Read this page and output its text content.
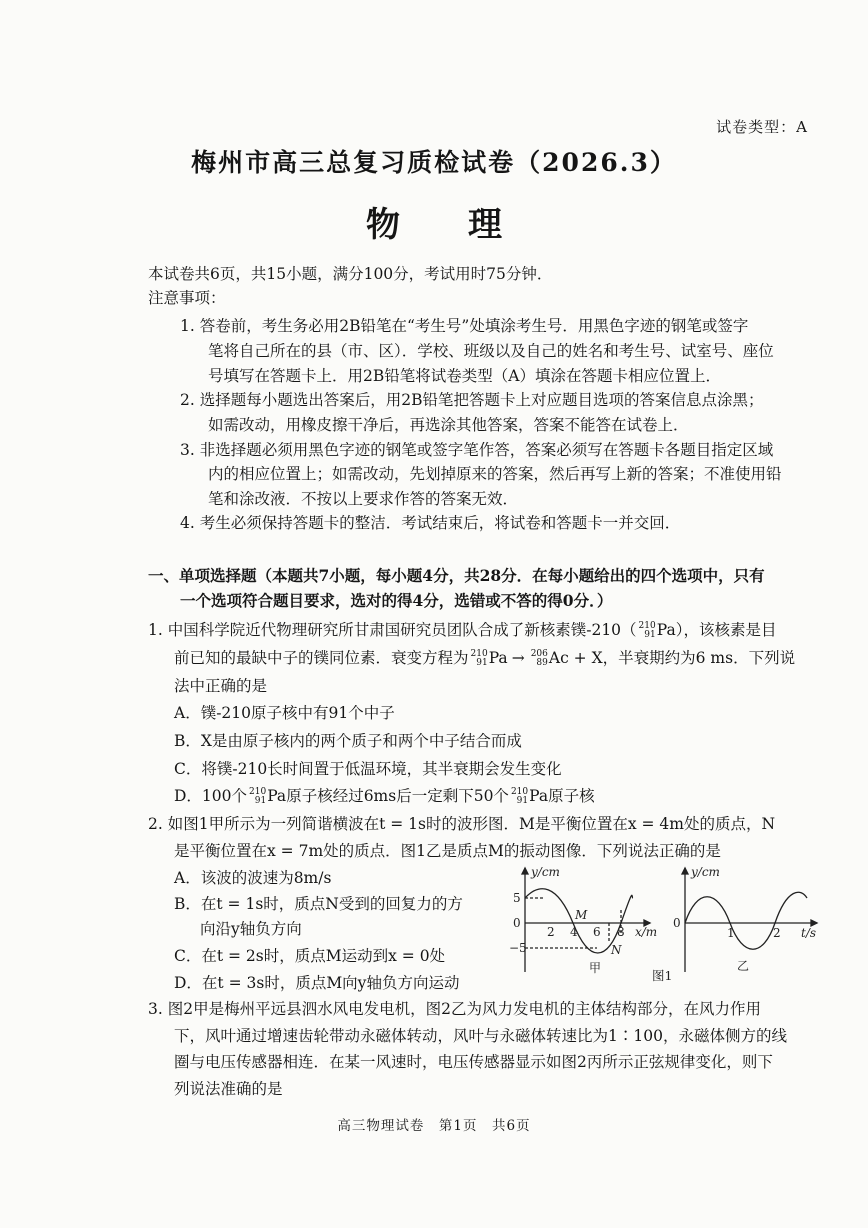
试卷类型：A
梅州市高三总复习质检试卷（2026.3）
物 理
本试卷共6页，共15小题，满分100分，考试用时75分钟．
注意事项：
1. 答卷前，考生务必用2B铅笔在“考生号”处填涂考生号．用黑色字迹的钢笔或签字
笔将自己所在的县（市、区）．学校、班级以及自己的姓名和考生号、试室号、座位
号填写在答题卡上．用2B铅笔将试卷类型（A）填涂在答题卡相应位置上．
2. 选择题每小题选出答案后，用2B铅笔把答题卡上对应题目选项的答案信息点涂黑；
如需改动，用橡皮擦干净后，再选涂其他答案，答案不能答在试卷上．
3. 非选择题必须用黑色字迹的钢笔或签字笔作答，答案必须写在答题卡各题目指定区域
内的相应位置上；如需改动，先划掉原来的答案，然后再写上新的答案；不准使用铅
笔和涂改液．不按以上要求作答的答案无效．
4. 考生必须保持答题卡的整洁．考试结束后，将试卷和答题卡一并交回．
一、单项选择题（本题共7小题，每小题4分，共28分．在每小题给出的四个选项中，只有
一个选项符合题目要求，选对的得4分，选错或不答的得0分．）
1. 中国科学院近代物理研究所甘肃国研究员团队合成了新核素镤-210（ 210
91 Pa），该核素是目
前已知的最缺中子的镤同位素．衰变方程为 210
91 Pa → 206
89 Ac + X，半衰期约为6 ms．下列说
法中正确的是
A．镤-210原子核中有91个中子
B．X是由原子核内的两个质子和两个中子结合而成
C．将镤-210长时间置于低温环境，其半衰期会发生变化
D．100个 210
91 Pa原子核经过6ms后一定剩下50个 210
91 Pa原子核
2. 如图1甲所示为一列简谐横波在t = 1s时的波形图．M是平衡位置在x = 4m处的质点，N
是平衡位置在x = 7m处的质点．图1乙是质点M的振动图像．下列说法正确的是
A．该波的波速为8m/s
B．在t = 1s时，质点N受到的回复力的方
向沿y轴负方向
C．在t = 2s时，质点M运动到x = 0处
D．在t = 3s时，质点M向y轴负方向运动
y/cm
5
0
−5
2 4 6 8 x/m
M
N
甲
y/cm
0
1	2 t/s
乙
图1
3. 图2甲是梅州平远县泗水风电发电机，图2乙为风力发电机的主体结构部分，在风力作用
下，风叶通过增速齿轮带动永磁体转动，风叶与永磁体转速比为1∶100，永磁体侧方的线
圈与电压传感器相连．在某一风速时，电压传感器显示如图2丙所示正弦规律变化，则下
列说法准确的是
高三物理试卷　第1页　共6页
